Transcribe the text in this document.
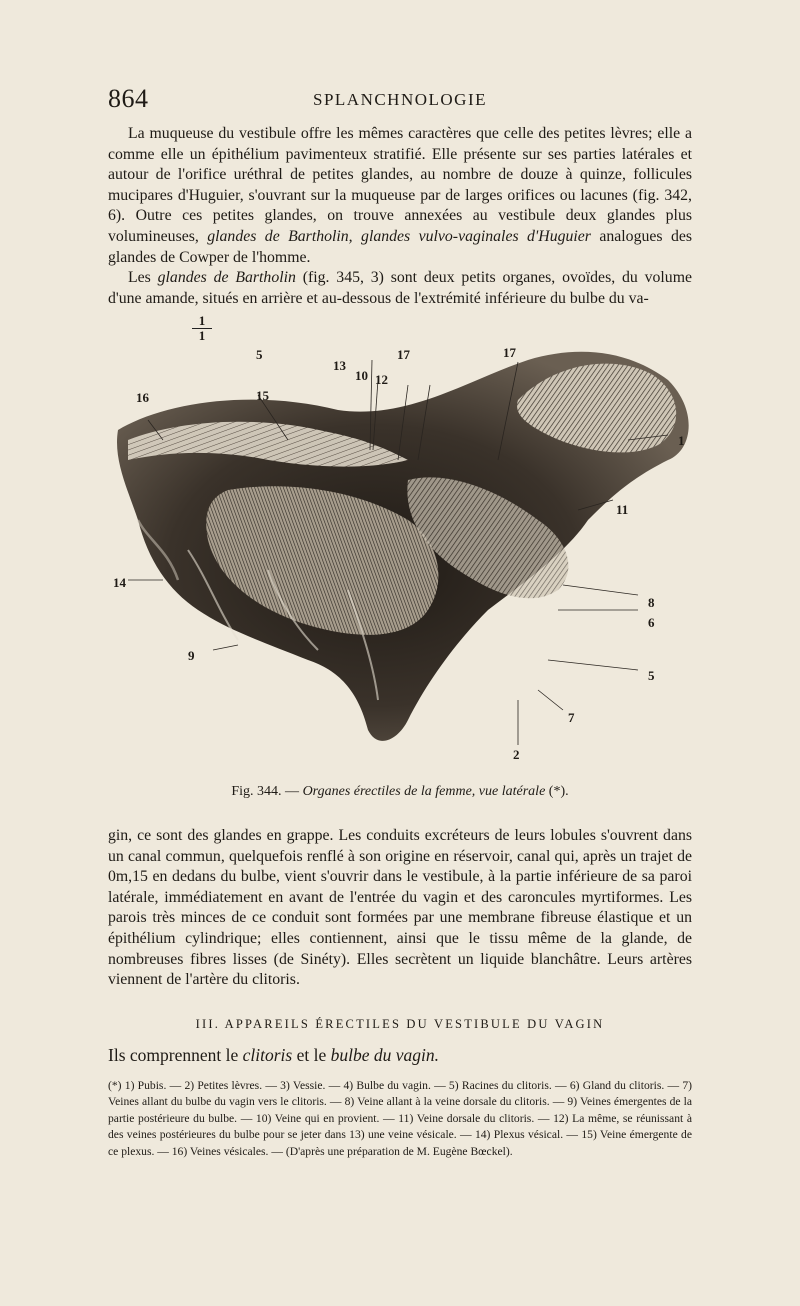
864	SPLANCHNOLOGIE

La muqueuse du vestibule offre les mêmes caractères que celle des petites lèvres; elle a comme elle un épithélium pavimenteux stratifié. Elle présente sur ses parties latérales et autour de l'orifice uréthral de petites glandes, au nombre de douze à quinze, follicules mucipares d'Huguier, s'ouvrant sur la muqueuse par de larges orifices ou lacunes (fig. 342, 6). Outre ces petites glandes, on trouve annexées au vestibule deux glandes plus volumineuses, glandes de Bartholin, glandes vulvo-vaginales d'Huguier analogues des glandes de Cowper de l'homme.

Les glandes de Bartholin (fig. 345, 3) sont deux petits organes, ovoïdes, du volume d'une amande, situés en arrière et au-dessous de l'extrémité inférieure du bulbe du va-

1
1
5
13
17
10 12
17
15
16
1
11
14
8
6
9
5
7
2
Fig. 344. — Organes érectiles de la femme, vue latérale (*).

gin, ce sont des glandes en grappe. Les conduits excréteurs de leurs lobules s'ouvrent dans un canal commun, quelquefois renflé à son origine en réservoir, canal qui, après un trajet de 0m,15 en dedans du bulbe, vient s'ouvrir dans le vestibule, à la partie inférieure de sa paroi latérale, immédiatement en avant de l'entrée du vagin et des caroncules myrtiformes. Les parois très minces de ce conduit sont formées par une membrane fibreuse élastique et un épithélium cylindrique; elles contiennent, ainsi que le tissu même de la glande, de nombreuses fibres lisses (de Sinéty). Elles secrètent un liquide blanchâtre. Leurs artères viennent de l'artère du clitoris.

III. APPAREILS ÉRECTILES DU VESTIBULE DU VAGIN
Ils comprennent le clitoris et le bulbe du vagin.

(*) 1) Pubis. — 2) Petites lèvres. — 3) Vessie. — 4) Bulbe du vagin. — 5) Racines du clitoris. — 6) Gland du clitoris. — 7) Veines allant du bulbe du vagin vers le clitoris. — 8) Veine allant à la veine dorsale du clitoris. — 9) Veines émergentes de la partie postérieure du bulbe. — 10) Veine qui en provient. — 11) Veine dorsale du clitoris. — 12) La même, se réunissant à des veines postérieures du bulbe pour se jeter dans 13) une veine vésicale. — 14) Plexus vésical. — 15) Veine émergente de ce plexus. — 16) Veines vésicales. — (D'après une préparation de M. Eugène Bœckel).
